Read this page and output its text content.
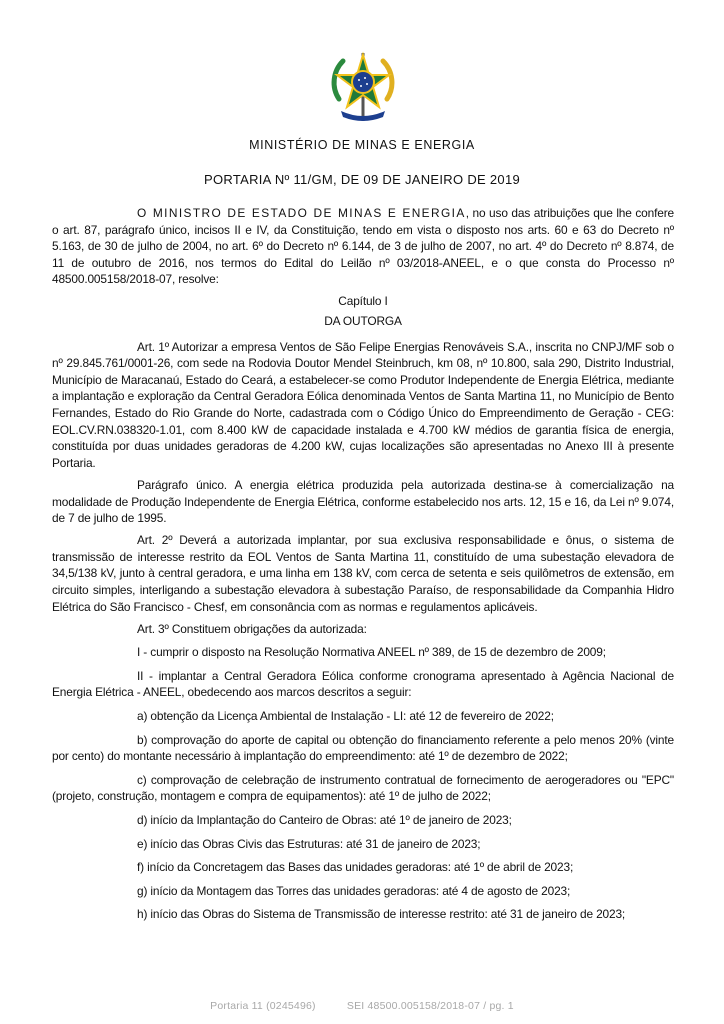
MINISTÉRIO DE MINAS E ENERGIA
PORTARIA Nº 11/GM, DE 09 DE JANEIRO DE 2019

O MINISTRO DE ESTADO DE MINAS E ENERGIA, no uso das atribuições que lhe confere o art. 87, parágrafo único, incisos II e IV, da Constituição, tendo em vista o disposto nos arts. 60 e 63 do Decreto nº 5.163, de 30 de julho de 2004, no art. 6º do Decreto nº 6.144, de 3 de julho de 2007, no art. 4º do Decreto nº 8.874, de 11 de outubro de 2016, nos termos do Edital do Leilão nº 03/2018-ANEEL, e o que consta do Processo nº 48500.005158/2018-07, resolve:

Capítulo I

DA OUTORGA

Art. 1º Autorizar a empresa Ventos de São Felipe Energias Renováveis S.A., inscrita no CNPJ/MF sob o nº 29.845.761/0001-26, com sede na Rodovia Doutor Mendel Steinbruch, km 08, nº 10.800, sala 290, Distrito Industrial, Município de Maracanaú, Estado do Ceará, a estabelecer-se como Produtor Independente de Energia Elétrica, mediante a implantação e exploração da Central Geradora Eólica denominada Ventos de Santa Martina 11, no Município de Bento Fernandes, Estado do Rio Grande do Norte, cadastrada com o Código Único do Empreendimento de Geração - CEG: EOL.CV.RN.038320-1.01, com 8.400 kW de capacidade instalada e 4.700 kW médios de garantia física de energia, constituída por duas unidades geradoras de 4.200 kW, cujas localizações são apresentadas no Anexo III à presente Portaria.

Parágrafo único. A energia elétrica produzida pela autorizada destina-se à comercialização na modalidade de Produção Independente de Energia Elétrica, conforme estabelecido nos arts. 12, 15 e 16, da Lei nº 9.074, de 7 de julho de 1995.

Art. 2º Deverá a autorizada implantar, por sua exclusiva responsabilidade e ônus, o sistema de transmissão de interesse restrito da EOL Ventos de Santa Martina 11, constituído de uma subestação elevadora de 34,5/138 kV, junto à central geradora, e uma linha em 138 kV, com cerca de setenta e seis quilômetros de extensão, em circuito simples, interligando a subestação elevadora à subestação Paraíso, de responsabilidade da Companhia Hidro Elétrica do São Francisco - Chesf, em consonância com as normas e regulamentos aplicáveis.

Art. 3º Constituem obrigações da autorizada:

I - cumprir o disposto na Resolução Normativa ANEEL nº 389, de 15 de dezembro de 2009;

II - implantar a Central Geradora Eólica conforme cronograma apresentado à Agência Nacional de Energia Elétrica - ANEEL, obedecendo aos marcos descritos a seguir:

a) obtenção da Licença Ambiental de Instalação - LI: até 12 de fevereiro de 2022;

b) comprovação do aporte de capital ou obtenção do financiamento referente a pelo menos 20% (vinte por cento) do montante necessário à implantação do empreendimento: até 1º de dezembro de 2022;

c) comprovação de celebração de instrumento contratual de fornecimento de aerogeradores ou "EPC" (projeto, construção, montagem e compra de equipamentos): até 1º de julho de 2022;

d) início da Implantação do Canteiro de Obras: até 1º de janeiro de 2023;

e) início das Obras Civis das Estruturas: até 31 de janeiro de 2023;

f) início da Concretagem das Bases das unidades geradoras: até 1º de abril de 2023;

g) início da Montagem das Torres das unidades geradoras: até 4 de agosto de 2023;

h) início das Obras do Sistema de Transmissão de interesse restrito: até 31 de janeiro de 2023;

Portaria 11 (0245496)	SEI 48500.005158/2018-07 / pg. 1
